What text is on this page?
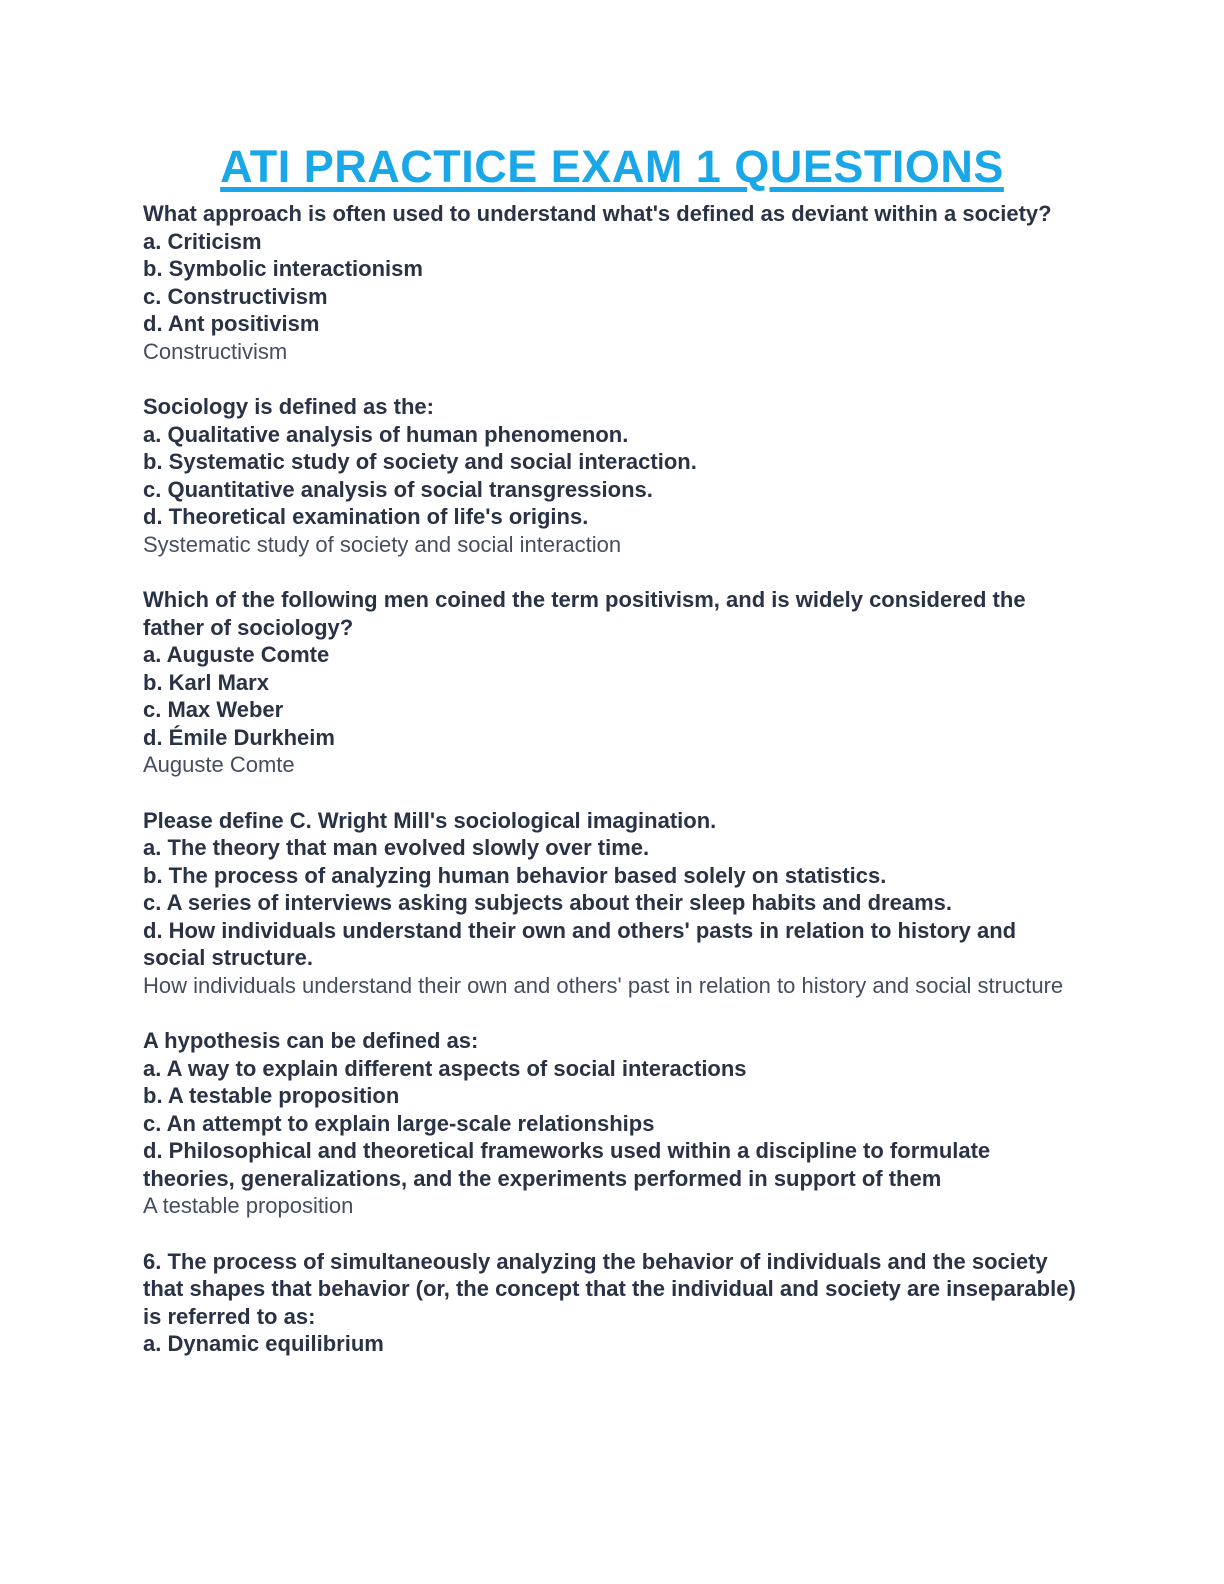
ATI PRACTICE EXAM 1 QUESTIONS

What approach is often used to understand what's defined as deviant within a society?

a. Criticism

b. Symbolic interactionism

c. Constructivism

d. Ant positivism

Constructivism

Sociology is defined as the:

a. Qualitative analysis of human phenomenon.

b. Systematic study of society and social interaction.

c. Quantitative analysis of social transgressions.

d. Theoretical examination of life's origins.

Systematic study of society and social interaction

Which of the following men coined the term positivism, and is widely considered the father of sociology?

a. Auguste Comte

b. Karl Marx

c. Max Weber

d. Émile Durkheim

Auguste Comte

Please define C. Wright Mill's sociological imagination.

a. The theory that man evolved slowly over time.

b. The process of analyzing human behavior based solely on statistics.

c. A series of interviews asking subjects about their sleep habits and dreams.

d. How individuals understand their own and others' pasts in relation to history and social structure.

How individuals understand their own and others' past in relation to history and social structure

A hypothesis can be defined as:

a. A way to explain different aspects of social interactions

b. A testable proposition

c. An attempt to explain large-scale relationships

d. Philosophical and theoretical frameworks used within a discipline to formulate theories, generalizations, and the experiments performed in support of them

A testable proposition

6. The process of simultaneously analyzing the behavior of individuals and the society that shapes that behavior (or, the concept that the individual and society are inseparable) is referred to as:

a. Dynamic equilibrium
